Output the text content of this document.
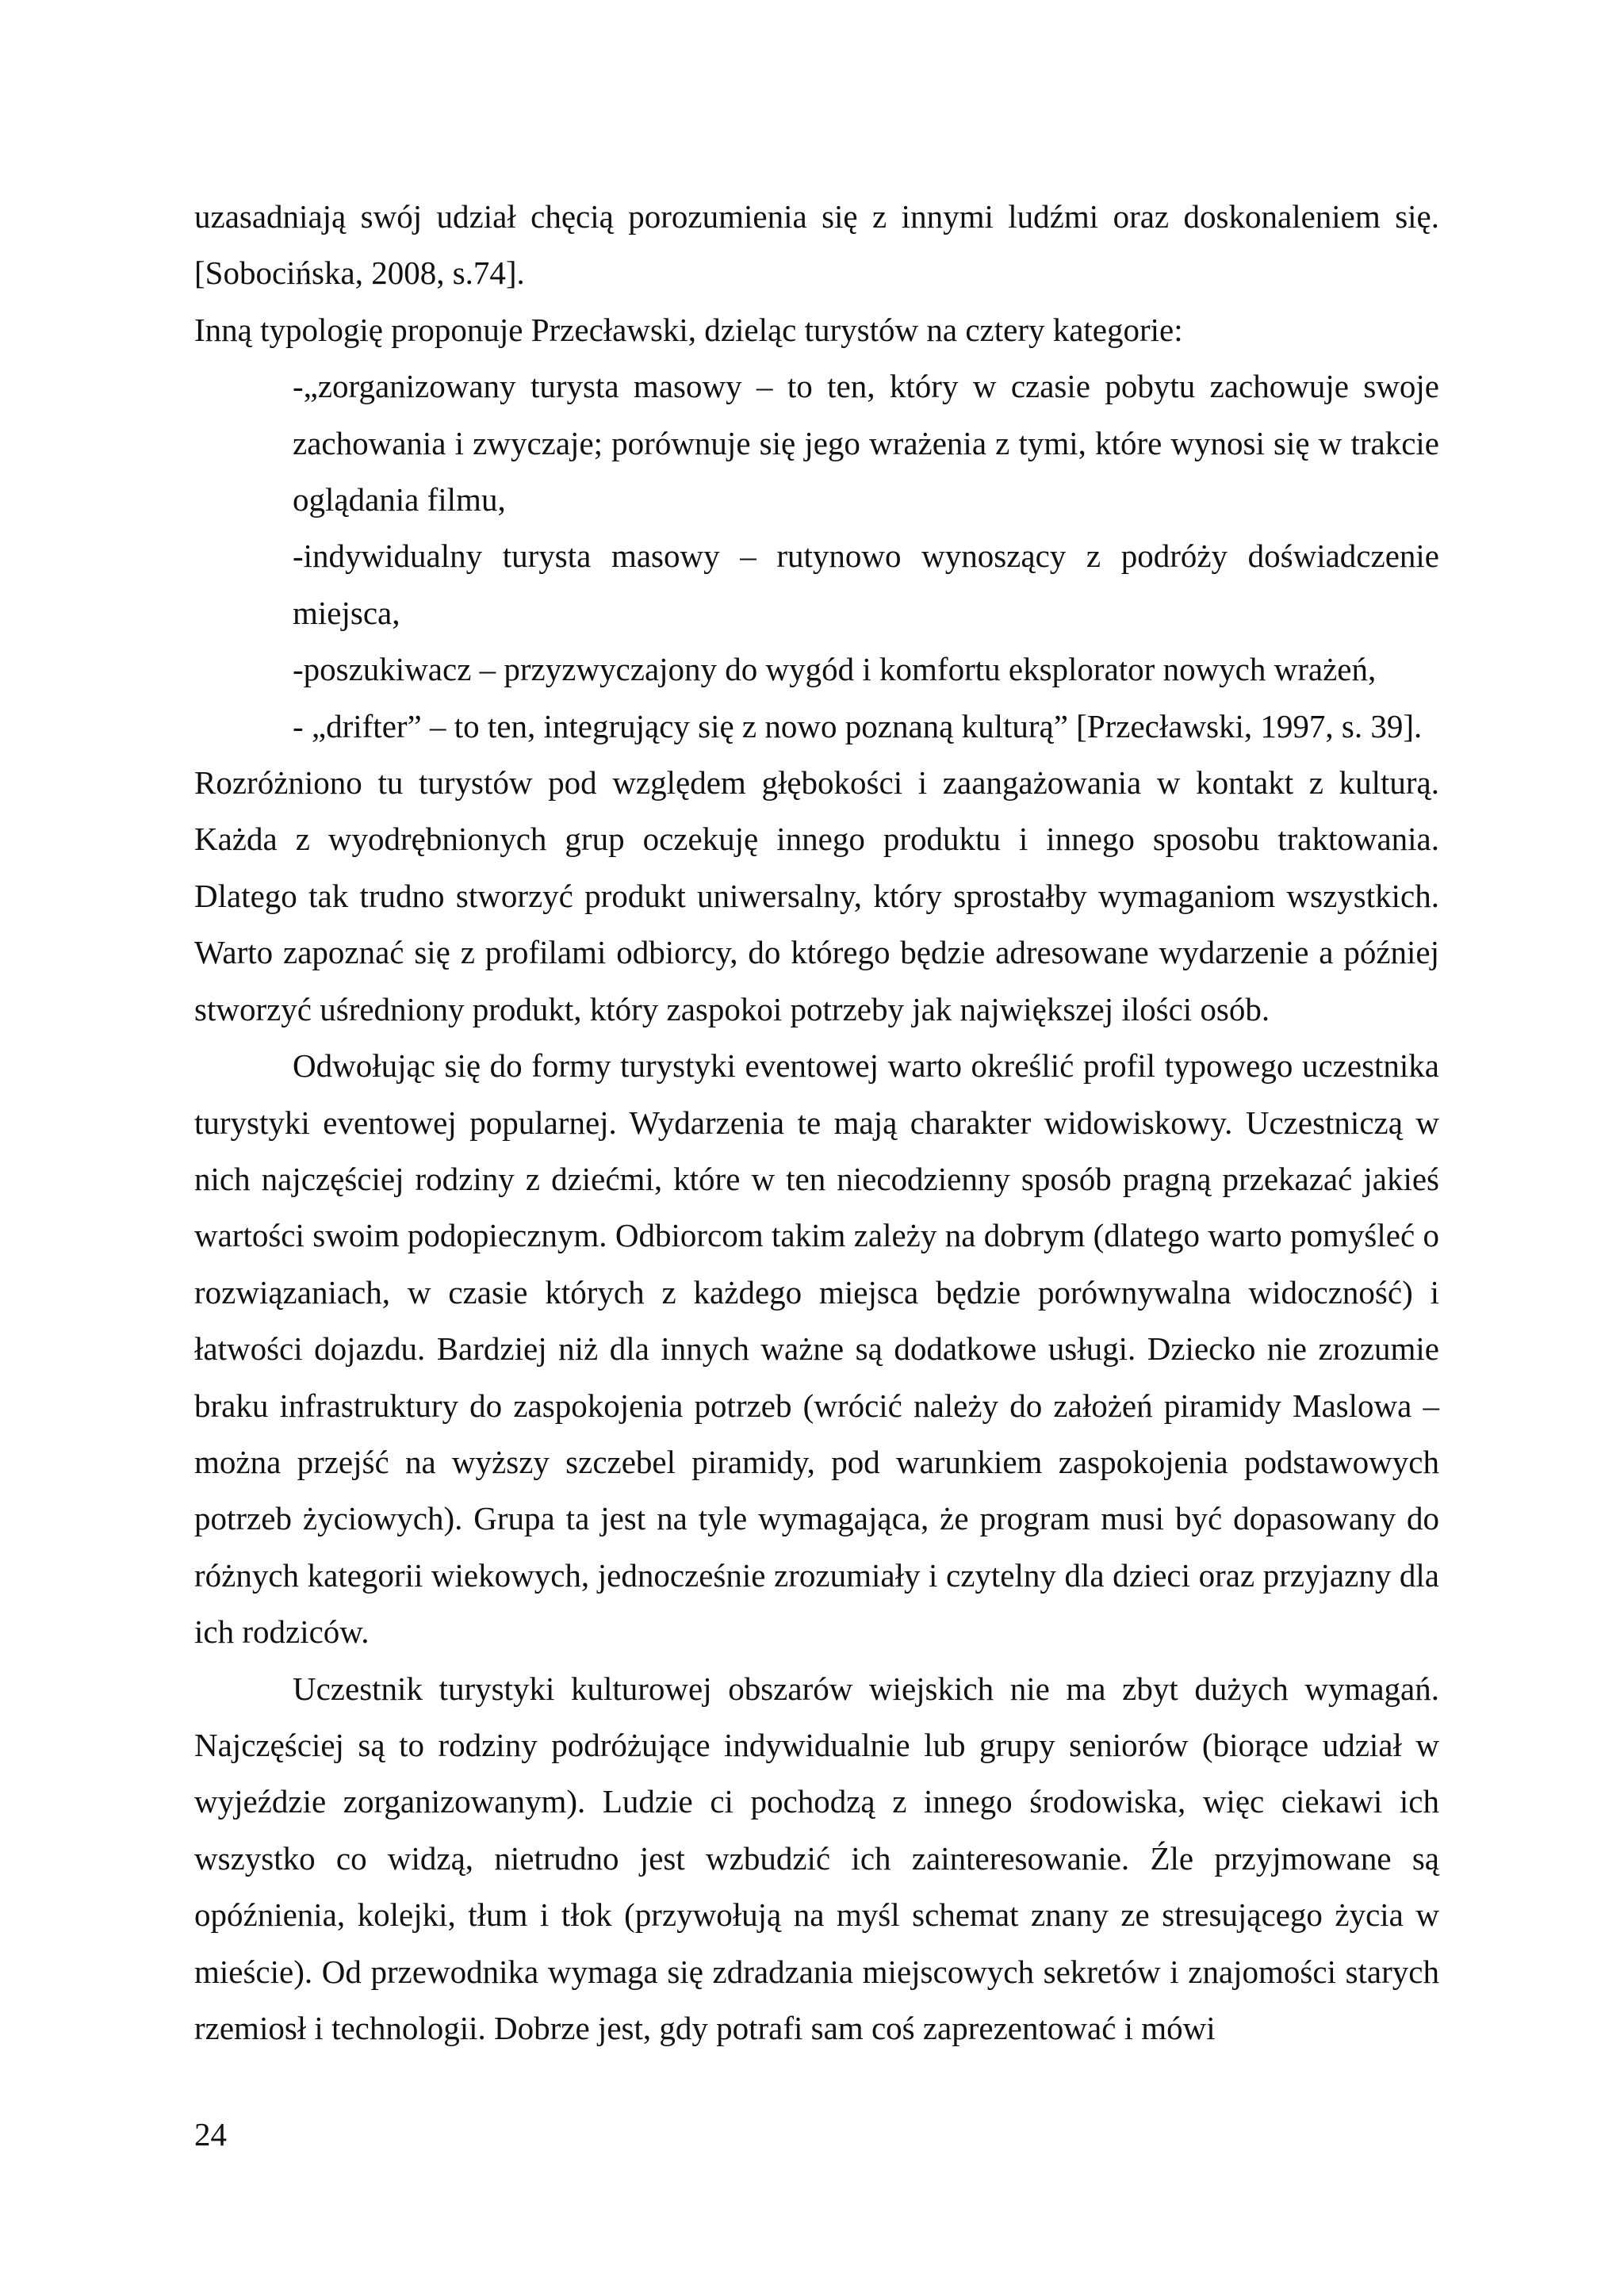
uzasadniają swój udział chęcią porozumienia się z innymi ludźmi oraz doskonaleniem się. [Sobocińska, 2008, s.74].

Inną typologię proponuje Przecławski, dzieląc turystów na cztery kategorie:

-„zorganizowany turysta masowy – to ten, który w czasie pobytu zachowuje swoje zachowania i zwyczaje; porównuje się jego wrażenia z tymi, które wynosi się w trakcie oglądania filmu,
-indywidualny turysta masowy – rutynowo wynoszący z podróży doświadczenie miejsca,
-poszukiwacz – przyzwyczajony do wygód i komfortu eksplorator nowych wrażeń,
- „drifter” – to ten, integrujący się z nowo poznaną kulturą” [Przecławski, 1997, s. 39].

Rozróżniono tu turystów pod względem głębokości i zaangażowania w kontakt z kulturą. Każda z wyodrębnionych grup oczekuję innego produktu i innego sposobu traktowania. Dlatego tak trudno stworzyć produkt uniwersalny, który sprostałby wymaganiom wszystkich. Warto zapoznać się z profilami odbiorcy, do którego będzie adresowane wydarzenie a później stworzyć uśredniony produkt, który zaspokoi potrzeby jak największej ilości osób.

Odwołując się do formy turystyki eventowej warto określić profil typowego uczestnika turystyki eventowej popularnej. Wydarzenia te mają charakter widowiskowy. Uczestniczą w nich najczęściej rodziny z dziećmi, które w ten niecodzienny sposób pragną przekazać jakieś wartości swoim podopiecznym. Odbiorcom takim zależy na dobrym (dlatego warto pomyśleć o rozwiązaniach, w czasie których z każdego miejsca będzie porównywalna widoczność) i łatwości dojazdu. Bardziej niż dla innych ważne są dodatkowe usługi. Dziecko nie zrozumie braku infrastruktury do zaspokojenia potrzeb (wrócić należy do założeń piramidy Maslowa – można przejść na wyższy szczebel piramidy, pod warunkiem zaspokojenia podstawowych potrzeb życiowych). Grupa ta jest na tyle wymagająca, że program musi być dopasowany do różnych kategorii wiekowych, jednocześnie zrozumiały i czytelny dla dzieci oraz przyjazny dla ich rodziców.

Uczestnik turystyki kulturowej obszarów wiejskich nie ma zbyt dużych wymagań. Najczęściej są to rodziny podróżujące indywidualnie lub grupy seniorów (biorące udział w wyjeździe zorganizowanym). Ludzie ci pochodzą z innego środowiska, więc ciekawi ich wszystko co widzą, nietrudno jest wzbudzić ich zainteresowanie. Źle przyjmowane są opóźnienia, kolejki, tłum i tłok (przywołują na myśl schemat znany ze stresującego życia w mieście). Od przewodnika wymaga się zdradzania miejscowych sekretów i znajomości starych rzemiosł i technologii. Dobrze jest, gdy potrafi sam coś zaprezentować i mówi

24
